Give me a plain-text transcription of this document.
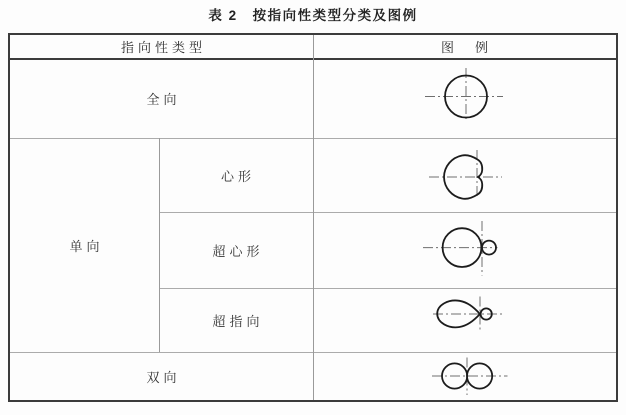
表 2　按指向性类型分类及图例
指向性类型	图　例
全向
单向
心形
超心形
超指向
双向
